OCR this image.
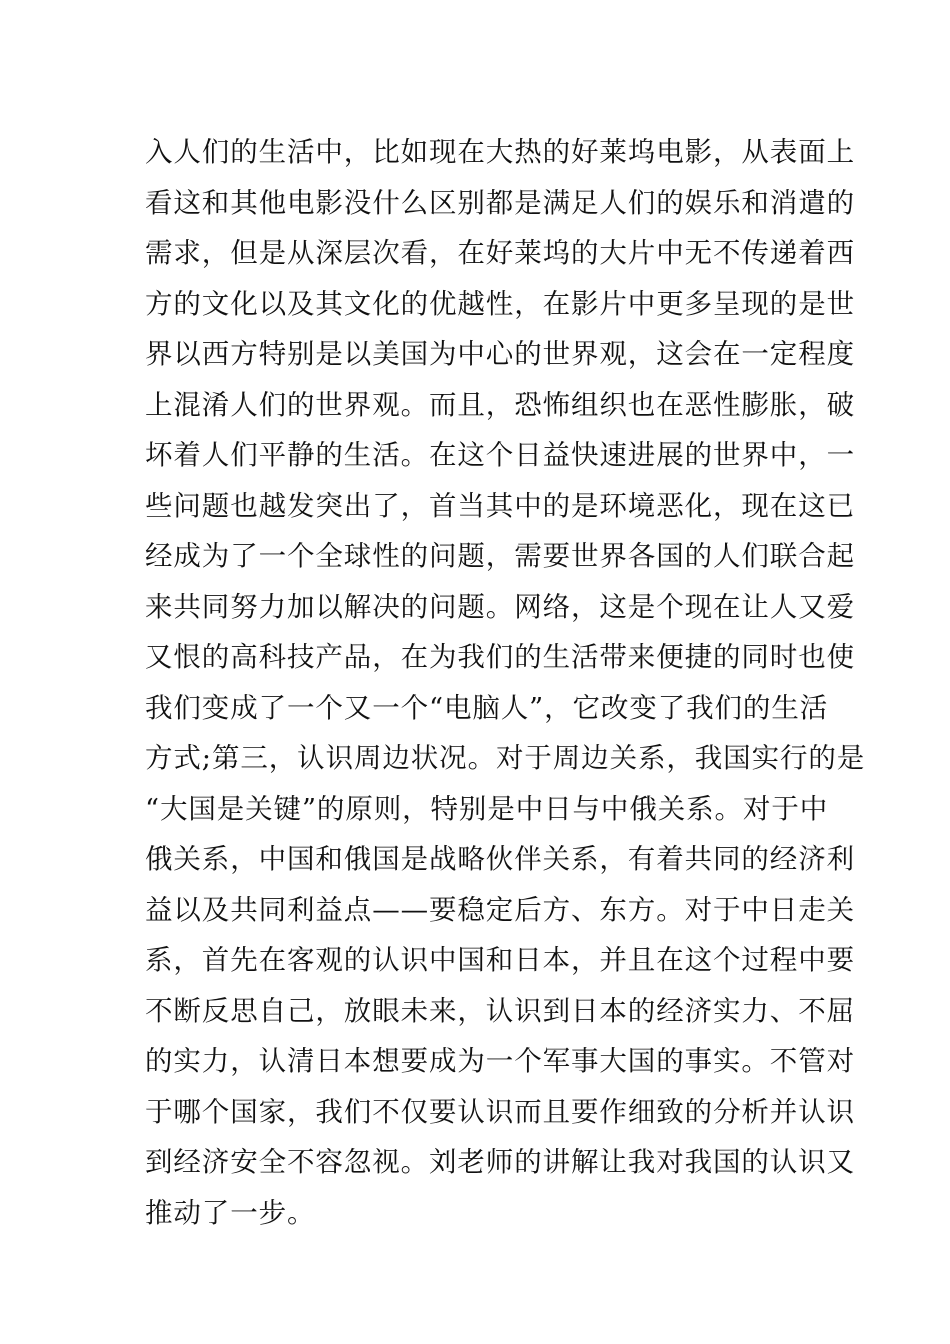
入人们的生活中，比如现在大热的好莱坞电影，从表面上
看这和其他电影没什么区别都是满足人们的娱乐和消遣的
需求，但是从深层次看，在好莱坞的大片中无不传递着西
方的文化以及其文化的优越性，在影片中更多呈现的是世
界以西方特别是以美国为中心的世界观，这会在一定程度
上混淆人们的世界观。而且，恐怖组织也在恶性膨胀，破
坏着人们平静的生活。在这个日益快速进展的世界中，一
些问题也越发突出了，首当其中的是环境恶化，现在这已
经成为了一个全球性的问题，需要世界各国的人们联合起
来共同努力加以解决的问题。网络，这是个现在让人又爱
又恨的高科技产品，在为我们的生活带来便捷的同时也使
我们变成了一个又一个“电脑人”，它改变了我们的生活
方式;第三，认识周边状况。对于周边关系，我国实行的是
“大国是关键”的原则，特别是中日与中俄关系。对于中
俄关系，中国和俄国是战略伙伴关系，有着共同的经济利
益以及共同利益点——要稳定后方、东方。对于中日走关
系，首先在客观的认识中国和日本，并且在这个过程中要
不断反思自己，放眼未来，认识到日本的经济实力、不屈
的实力，认清日本想要成为一个军事大国的事实。不管对
于哪个国家，我们不仅要认识而且要作细致的分析并认识
到经济安全不容忽视。刘老师的讲解让我对我国的认识又
推动了一步。
